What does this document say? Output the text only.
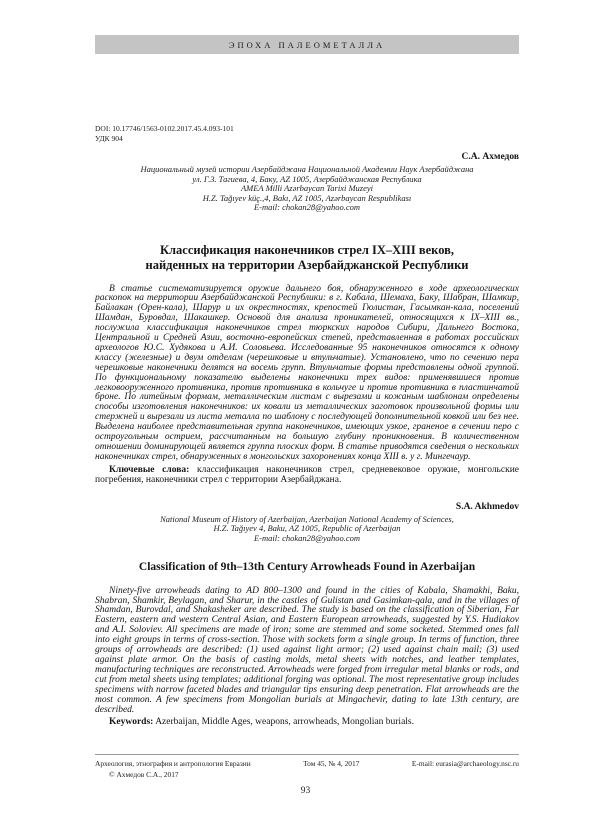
ЭПОХА ПАЛЕОМЕТАЛЛА
DOI: 10.17746/1563-0102.2017.45.4.093-101
УДК 904
С.А. Ахмедов
Национальный музей истории Азербайджана Национальной Академии Наук Азербайджана
ул. Г.З. Тагиева, 4, Баку, AZ 1005, Азербайджанская Республика
AMEA Milli Azərbaycan Tarixi Muzeyi
H.Z. Tağıyev küç.,4, Bakı, AZ 1005, Azərbaycan Respublikası
E-mail: chokan28@yahoo.com
Классификация наконечников стрел IX–XIII веков,
найденных на территории Азербайджанской Республики

В статье систематизируется оружие дальнего боя, обнаруженного в ходе археологических раскопок на территории Азербайджанской Республики: в г. Кабала, Шемаха, Баку, Шабран, Шамкир, Байлакан (Орен-кала), Шарур и их окрестностях, крепостей Гюлистан, Гасымкан-кала, поселений Шамдан, Буровдал, Шакашкер. Основой для анализа проникателей, относящихся к IX–XIII вв., послужила классификация наконечников стрел тюркских народов Сибири, Дальнего Востока, Центральной и Средней Азии, восточно-европейских степей, представленная в работах российских археологов Ю.С. Худякова и А.И. Соловьева. Исследованные 95 наконечников относятся к одному классу (железные) и двум отделам (черешковые и втульчатые). Установлено, что по сечению пера черешковые наконечники делятся на восемь групп. Втульчатые формы представлены одной группой. По функциональному показателю выделены наконечники трех видов: применявшиеся против легковооруженного противника, против противника в кольчуге и против противника в пластинчатой броне. По литейным формам, металлическим листам с вырезами и кожаным шаблонам определены способы изготовления наконечников: их ковали из металлических заготовок произвольной формы или стержней и вырезали из листа металла по шаблону с последующей дополнительной ковкой или без нее. Выделена наиболее представительная группа наконечников, имеющих узкое, граненое в сечении перо с остроугольным острием, рассчитанным на большую глубину проникновения. В количественном отношении доминирующей является группа плоских форм. В статье приводятся сведения о нескольких наконечниках стрел, обнаруженных в монгольских захоронениях конца XIII в. у г. Мингечаур.

Ключевые слова: классификация наконечников стрел, средневековое оружие, монгольские погребения, наконечники стрел с территории Азербайджана.

S.A. Akhmedov
National Museum of History of Azerbaijan, Azerbaijan National Academy of Sciences,
H.Z. Tağıyev 4, Baku, AZ 1005, Republic of Azerbaijan
E-mail: chokan28@yahoo.com
Classification of 9th–13th Century Arrowheads Found in Azerbaijan

Ninety-five arrowheads dating to AD 800–1300 and found in the cities of Kabala, Shamakhi, Baku, Shabran, Shamkir, Beylagan, and Sharur, in the castles of Gulistan and Gasimkan-qala, and in the villages of Shamdan, Burovdal, and Shakasheker are described. The study is based on the classification of Siberian, Far Eastern, eastern and western Central Asian, and Eastern European arrowheads, suggested by Y.S. Hudiakov and A.I. Soloviev. All specimens are made of iron; some are stemmed and some socketed. Stemmed ones fall into eight groups in terms of cross-section. Those with sockets form a single group. In terms of function, three groups of arrowheads are described: (1) used against light armor; (2) used against chain mail; (3) used against plate armor. On the basis of casting molds, metal sheets with notches, and leather templates, manufacturing techniques are reconstructed. Arrowheads were forged from irregular metal blanks or rods, and cut from metal sheets using templates; additional forging was optional. The most representative group includes specimens with narrow faceted blades and triangular tips ensuring deep penetration. Flat arrowheads are the most common. A few specimens from Mongolian burials at Mingachevir, dating to late 13th century, are described.

Keywords: Azerbaijan, Middle Ages, weapons, arrowheads, Mongolian burials.

Археология, этнография и антропология Евразии	Том 45, № 4, 2017	E-mail: eurasia@archaeology.nsc.ru
© Ахмедов С.А., 2017
93
